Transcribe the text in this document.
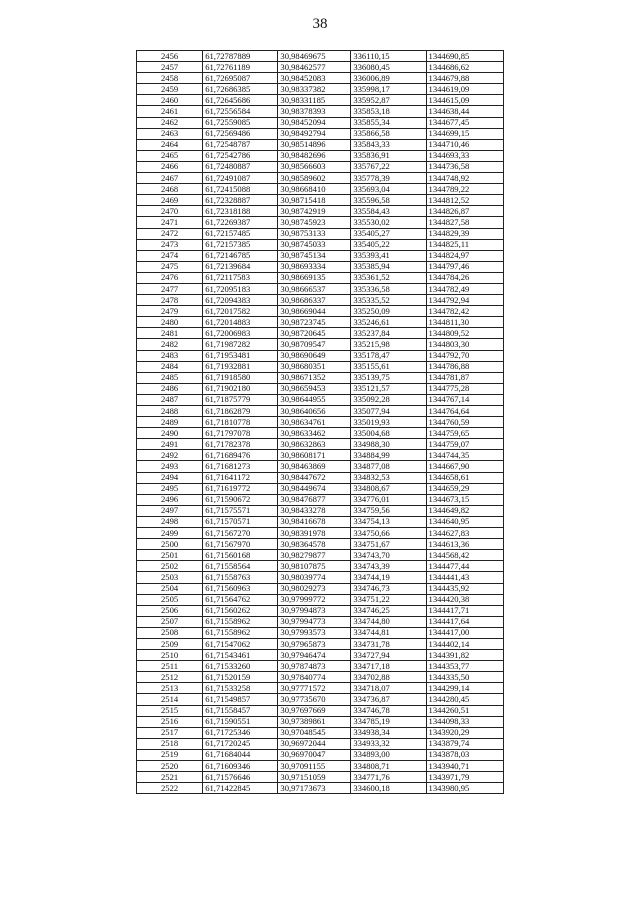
38
2456	61,72787889	30,98469675	336110,15	1344690,85
2457	61,72761189	30,98462577	336080,45	1344686,62
2458	61,72695087	30,98452083	336006,89	1344679,88
2459	61,72686385	30,98337382	335998,17	1344619,09
2460	61,72645686	30,98331185	335952,87	1344615,09
2461	61,72556584	30,98378393	335853,18	1344638,44
2462	61,72559085	30,98452094	335855,34	1344677,45
2463	61,72569486	30,98492794	335866,58	1344699,15
2464	61,72548787	30,98514896	335843,33	1344710,46
2465	61,72542786	30,98482696	335836,91	1344693,33
2466	61,72480887	30,98566603	335767,22	1344736,58
2467	61,72491087	30,98589602	335778,39	1344748,92
2468	61,72415088	30,98668410	335693,04	1344789,22
2469	61,72328887	30,98715418	335596,58	1344812,52
2470	61,72318188	30,98742919	335584,43	1344826,87
2471	61,72269387	30,98745923	335530,02	1344827,58
2472	61,72157485	30,98753133	335405,27	1344829,39
2473	61,72157385	30,98745033	335405,22	1344825,11
2474	61,72146785	30,98745134	335393,41	1344824,97
2475	61,72139684	30,98693334	335385,94	1344797,46
2476	61,72117583	30,98669135	335361,52	1344784,26
2477	61,72095183	30,98666537	335336,58	1344782,49
2478	61,72094383	30,98686337	335335,52	1344792,94
2479	61,72017582	30,98669044	335250,09	1344782,42
2480	61,72014883	30,98723745	335246,61	1344811,30
2481	61,72006983	30,98720645	335237,84	1344809,52
2482	61,71987282	30,98709547	335215,98	1344803,30
2483	61,71953481	30,98690649	335178,47	1344792,70
2484	61,71932881	30,98680351	335155,61	1344786,88
2485	61,71918580	30,98671352	335139,75	1344781,87
2486	61,71902180	30,98659453	335121,57	1344775,28
2487	61,71875779	30,98644955	335092,28	1344767,14
2488	61,71862879	30,98640656	335077,94	1344764,64
2489	61,71810778	30,98634761	335019,93	1344760,59
2490	61,71797078	30,98633462	335004,68	1344759,65
2491	61,71782378	30,98632863	334988,30	1344759,07
2492	61,71689476	30,98608171	334884,99	1344744,35
2493	61,71681273	30,98463869	334877,08	1344667,90
2494	61,71641172	30,98447672	334832,53	1344658,61
2495	61,71619772	30,98449674	334808,67	1344659,29
2496	61,71590672	30,98476877	334776,01	1344673,15
2497	61,71575571	30,98433278	334759,56	1344649,82
2498	61,71570571	30,98416678	334754,13	1344640,95
2499	61,71567270	30,98391978	334750,66	1344627,83
2500	61,71567970	30,98364578	334751,67	1344613,36
2501	61,71560168	30,98279877	334743,70	1344568,42
2502	61,71558564	30,98107875	334743,39	1344477,44
2503	61,71558763	30,98039774	334744,19	1344441,43
2504	61,71560963	30,98029273	334746,73	1344435,92
2505	61,71564762	30,97999772	334751,22	1344420,38
2506	61,71560262	30,97994873	334746,25	1344417,71
2507	61,71558962	30,97994773	334744,80	1344417,64
2508	61,71558962	30,97993573	334744,81	1344417,00
2509	61,71547062	30,97965873	334731,78	1344402,14
2510	61,71543461	30,97946474	334727,94	1344391,82
2511	61,71533260	30,97874873	334717,18	1344353,77
2512	61,71520159	30,97840774	334702,88	1344335,50
2513	61,71533258	30,97771572	334718,07	1344299,14
2514	61,71549857	30,97735670	334736,87	1344280,45
2515	61,71558457	30,97697669	334746,78	1344260,51
2516	61,71590551	30,97389861	334785,19	1344098,33
2517	61,71725346	30,97048545	334938,34	1343920,29
2518	61,71720245	30,96972044	334933,32	1343879,74
2519	61,71684044	30,96970047	334893,00	1343878,03
2520	61,71609346	30,97091155	334808,71	1343940,71
2521	61,71576646	30,97151059	334771,76	1343971,79
2522	61,71422845	30,97173673	334600,18	1343980,95
